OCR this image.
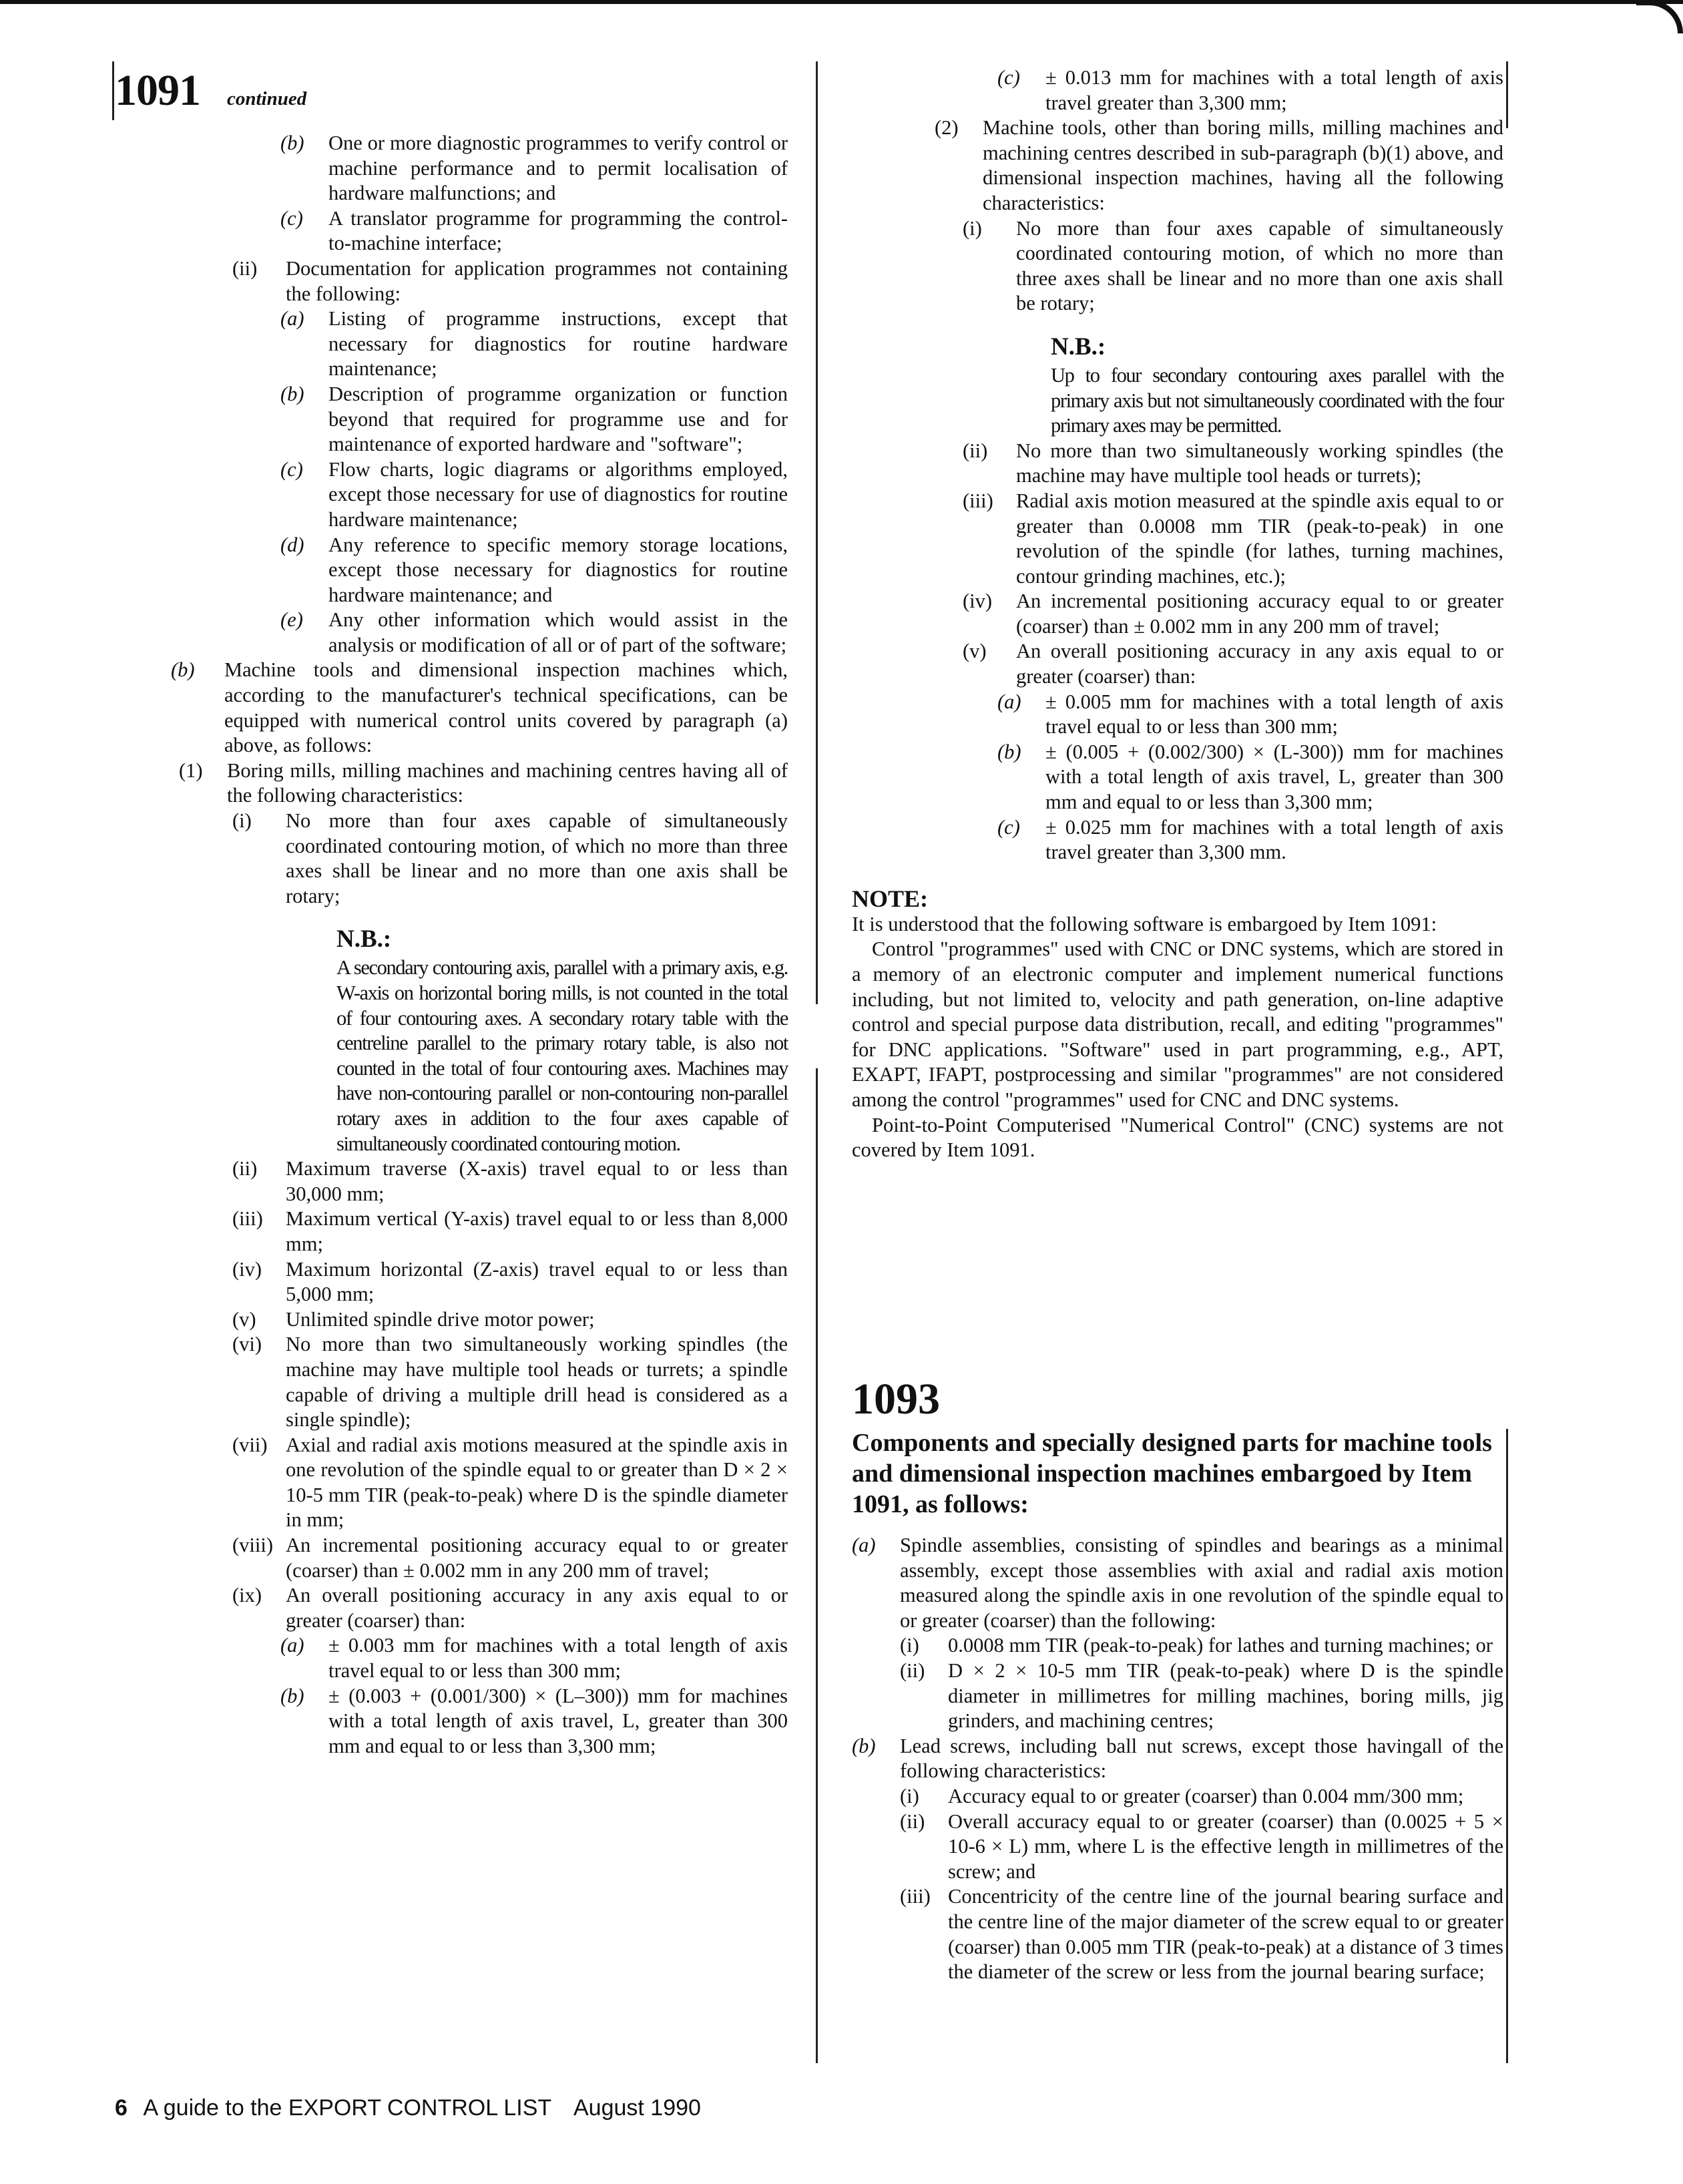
1091 continued
(b)	One or more diagnostic programmes to verify control or machine performance and to permit localisation of hardware malfunctions; and
(c)	A translator programme for programming the control-to-machine interface;
(ii)	Documentation for application programmes not containing the following:
(a)	Listing of programme instructions, except that necessary for diagnostics for routine hardware maintenance;
(b)	Description of programme organization or function beyond that required for programme use and for maintenance of exported hardware and "software";
(c)	Flow charts, logic diagrams or algorithms employed, except those necessary for use of diagnostics for routine hardware maintenance;
(d)	Any reference to specific memory storage locations, except those necessary for diagnostics for routine hardware maintenance; and
(e)	Any other information which would assist in the analysis or modification of all or of part of the software;
(b)	Machine tools and dimensional inspection machines which, according to the manufacturer's technical specifications, can be equipped with numerical control units covered by paragraph (a) above, as follows:
(1)	Boring mills, milling machines and machining centres having all of the following characteristics:
(i)	No more than four axes capable of simultaneously coordinated contouring motion, of which no more than three axes shall be linear and no more than one axis shall be rotary;
N.B.:
A secondary contouring axis, parallel with a primary axis, e.g. W-axis on horizontal boring mills, is not counted in the total of four contouring axes. A secondary rotary table with the centreline parallel to the primary rotary table, is also not counted in the total of four contouring axes. Machines may have non-contouring parallel or non-contouring non-parallel rotary axes in addition to the four axes capable of simultaneously coordinated contouring motion.
(ii)	Maximum traverse (X-axis) travel equal to or less than 30,000 mm;
(iii)	Maximum vertical (Y-axis) travel equal to or less than 8,000 mm;
(iv)	Maximum horizontal (Z-axis) travel equal to or less than 5,000 mm;
(v)	Unlimited spindle drive motor power;
(vi)	No more than two simultaneously working spindles (the machine may have multiple tool heads or turrets; a spindle capable of driving a multiple drill head is considered as a single spindle);
(vii) Axial and radial axis motions measured at the spindle axis in one revolution of the spindle equal to or greater than D × 2 × 10-5 mm TIR (peak-to-peak) where D is the spindle diameter in mm;
(viii) An incremental positioning accuracy equal to or greater (coarser) than ± 0.002 mm in any 200 mm of travel;
(ix)	An overall positioning accuracy in any axis equal to or greater (coarser) than:
(a)	± 0.003 mm for machines with a total length of axis travel equal to or less than 300 mm;
(b)	± (0.003 + (0.001/300) × (L–300)) mm for machines with a total length of axis travel, L, greater than 300 mm and equal to or less than 3,300 mm;
(c)	± 0.013 mm for machines with a total length of axis travel greater than 3,300 mm;
(2)	Machine tools, other than boring mills, milling machines and machining centres described in sub-paragraph (b)(1) above, and dimensional inspection machines, having all the following characteristics:
(i)	No more than four axes capable of simultaneously coordinated contouring motion, of which no more than three axes shall be linear and no more than one axis shall be rotary;
N.B.:
Up to four secondary contouring axes parallel with the primary axis but not simultaneously coordinated with the four primary axes may be permitted.
(ii)	No more than two simultaneously working spindles (the machine may have multiple tool heads or turrets);
(iii)	Radial axis motion measured at the spindle axis equal to or greater than 0.0008 mm TIR (peak-to-peak) in one revolution of the spindle (for lathes, turning machines, contour grinding machines, etc.);
(iv)	An incremental positioning accuracy equal to or greater (coarser) than ± 0.002 mm in any 200 mm of travel;
(v)	An overall positioning accuracy in any axis equal to or greater (coarser) than:
(a)	± 0.005 mm for machines with a total length of axis travel equal to or less than 300 mm;
(b)	± (0.005 + (0.002/300) × (L-300)) mm for machines with a total length of axis travel, L, greater than 300 mm and equal to or less than 3,300 mm;
(c)	± 0.025 mm for machines with a total length of axis travel greater than 3,300 mm.
NOTE:
It is understood that the following software is embargoed by Item 1091:
Control "programmes" used with CNC or DNC systems, which are stored in a memory of an electronic computer and implement numerical functions including, but not limited to, velocity and path generation, on-line adaptive control and special purpose data distribution, recall, and editing "programmes" for DNC applications. "Software" used in part programming, e.g., APT, EXAPT, IFAPT, postprocessing and similar "programmes" are not considered among the control "programmes" used for CNC and DNC systems.
Point-to-Point Computerised "Numerical Control" (CNC) systems are not covered by Item 1091.
1093
Components and specially designed parts for machine tools and dimensional inspection machines embargoed by Item 1091, as follows:
(a)	Spindle assemblies, consisting of spindles and bearings as a minimal assembly, except those assemblies with axial and radial axis motion measured along the spindle axis in one revolution of the spindle equal to or greater (coarser) than the following:
(i)	0.0008 mm TIR (peak-to-peak) for lathes and turning machines; or
(ii)	D × 2 × 10-5 mm TIR (peak-to-peak) where D is the spindle diameter in millimetres for milling machines, boring mills, jig grinders, and machining centres;
(b)	Lead screws, including ball nut screws, except those havingall of the following characteristics:
(i)	Accuracy equal to or greater (coarser) than 0.004 mm/300 mm;
(ii)	Overall accuracy equal to or greater (coarser) than (0.0025 + 5 × 10-6 × L) mm, where L is the effective length in millimetres of the screw; and
(iii) Concentricity of the centre line of the journal bearing surface and the centre line of the major diameter of the screw equal to or greater (coarser) than 0.005 mm TIR (peak-to-peak) at a distance of 3 times the diameter of the screw or less from the journal bearing surface;
6 A guide to the EXPORT CONTROL LIST August 1990
